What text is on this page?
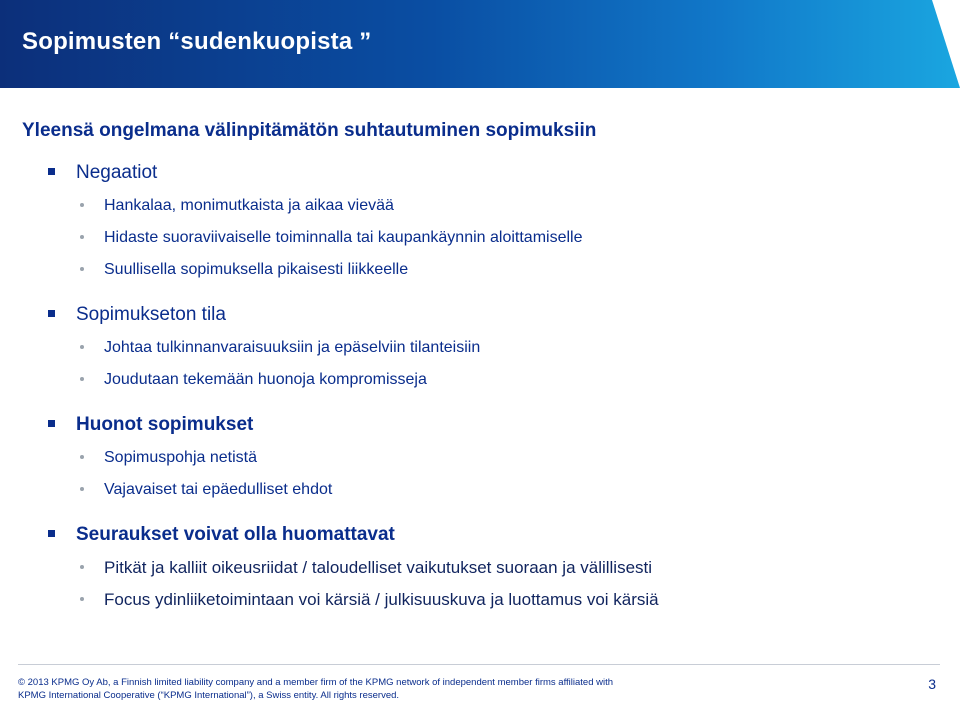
Sopimusten “sudenkuopista ”
Yleensä ongelmana välinpitämätön suhtautuminen sopimuksiin
Negaatiot
Hankalaa, monimutkaista ja aikaa vievää
Hidaste suoraviivaiselle toiminnalla tai kaupankäynnin aloittamiselle
Suullisella sopimuksella pikaisesti liikkeelle
Sopimukseton tila
Johtaa tulkinnanvaraisuuksiin ja epäselviin tilanteisiin
Joudutaan tekemään huonoja kompromisseja
Huonot sopimukset
Sopimuspohja netistä
Vajavaiset tai epäedulliset ehdot
Seuraukset voivat olla huomattavat
Pitkät ja kalliit oikeusriidat / taloudelliset vaikutukset suoraan ja välillisesti
Focus ydinliiketoimintaan voi kärsiä / julkisuuskuva ja luottamus voi kärsiä
© 2013 KPMG Oy Ab, a Finnish limited liability company and a member firm of the KPMG network of independent member firms affiliated with
KPMG International Cooperative (“KPMG International”), a Swiss entity. All rights reserved.
3
